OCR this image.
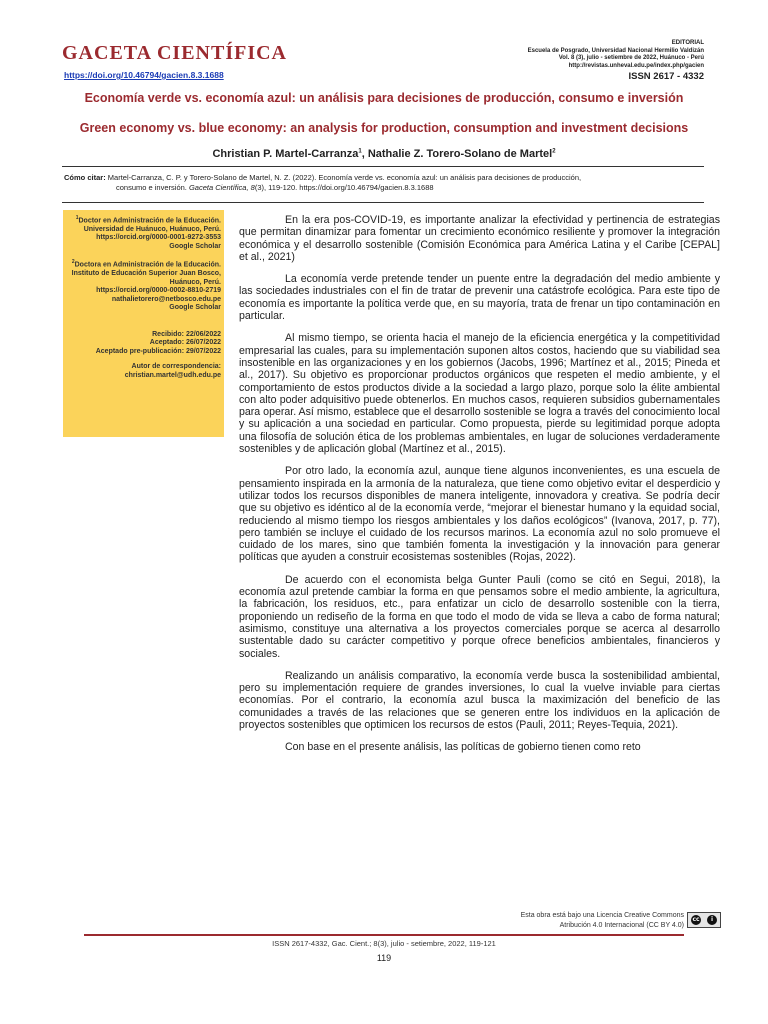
GACETA CIENTÍFICA
https://doi.org/10.46794/gacien.8.3.1688
EDITORIAL
Escuela de Posgrado, Universidad Nacional Hermilio Valdizán
Vol. 8 (3), julio - setiembre de 2022, Huánuco - Perú
http://revistas.unheval.edu.pe/index.php/gacien
ISSN 2617 - 4332
Economía verde vs. economía azul: un análisis para decisiones de producción, consumo e inversión
Green economy vs. blue economy: an analysis for production, consumption and investment decisions
Christian P. Martel-Carranza$^1$, Nathalie Z. Torero-Solano de Martel$^2$
Cómo citar: Martel-Carranza, C. P. y Torero-Solano de Martel, N. Z. (2022). Economía verde vs. economía azul: un análisis para decisiones de producción,
consumo e inversión. Gaceta Científica, 8(3), 119-120. https://doi.org/10.46794/gacien.8.3.1688

$^1$Doctor en Administración de la Educación.

Universidad de Huánuco, Huánuco, Perú.

https://orcid.org/0000-0001-9272-3553

Google Scholar

$^2$Doctora en Administración de la Educación.

Instituto de Educación Superior Juan Bosco, Huánuco, Perú.

https://orcid.org/0000-0002-8810-2719

nathalietorero@netbosco.edu.pe

Google Scholar

Recibido: 22/06/2022

Aceptado: 26/07/2022

Aceptado pre-publicación: 29/07/2022

Autor de correspondencia:

christian.martel@udh.edu.pe

En la era pos-COVID-19, es importante analizar la efectividad y pertinencia de estrategias que permitan dinamizar para fomentar un crecimiento económico resiliente y promover la integración económica y el desarrollo sostenible (Comisión Económica para América Latina y el Caribe [CEPAL] et al., 2021)

La economía verde pretende tender un puente entre la degradación del medio ambiente y las sociedades industriales con el fin de tratar de prevenir una catástrofe ecológica. Para este tipo de economía es importante la política verde que, en su mayoría, trata de frenar un tipo contaminación en particular.

Al mismo tiempo, se orienta hacia el manejo de la eficiencia energética y la competitividad empresarial las cuales, para su implementación suponen altos costos, haciendo que su viabilidad sea insostenible en las organizaciones y en los gobiernos (Jacobs, 1996; Martínez et al., 2015; Pineda et al., 2017). Su objetivo es proporcionar productos orgánicos que respeten el medio ambiente, y el comportamiento de estos productos divide a la sociedad a largo plazo, porque solo la élite ambiental con alto poder adquisitivo puede obtenerlos. En muchos casos, requieren subsidios gubernamentales para operar. Así mismo, establece que el desarrollo sostenible se logra a través del conocimiento local y su aplicación a una sociedad en particular. Como propuesta, pierde su legitimidad porque adopta una filosofía de solución ética de los problemas ambientales, en lugar de soluciones verdaderamente sostenibles y de aplicación global (Martínez et al., 2015).

Por otro lado, la economía azul, aunque tiene algunos inconvenientes, es una escuela de pensamiento inspirada en la armonía de la naturaleza, que tiene como objetivo evitar el desperdicio y utilizar todos los recursos disponibles de manera inteligente, innovadora y creativa. Se podría decir que su objetivo es idéntico al de la economía verde, “mejorar el bienestar humano y la equidad social, reduciendo al mismo tiempo los riesgos ambientales y los daños ecológicos” (Ivanova, 2017, p. 77), pero también se incluye el cuidado de los recursos marinos. La economía azul no solo promueve el cuidado de los mares, sino que también fomenta la investigación y la innovación para generar políticas que ayuden a construir ecosistemas sostenibles (Rojas, 2022).

De acuerdo con el economista belga Gunter Pauli (como se citó en Segui, 2018), la economía azul pretende cambiar la forma en que pensamos sobre el medio ambiente, la agricultura, la fabricación, los residuos, etc., para enfatizar un ciclo de desarrollo sostenible con la tierra, proponiendo un rediseño de la forma en que todo el modo de vida se lleva a cabo de forma natural; asimismo, constituye una alternativa a los proyectos comerciales porque se acerca al desarrollo sustentable dado su carácter competitivo y porque ofrece beneficios ambientales, financieros y sociales.

Realizando un análisis comparativo, la economía verde busca la sostenibilidad ambiental, pero su implementación requiere de grandes inversiones, lo cual la vuelve inviable para ciertas economías. Por el contrario, la economía azul busca la maximización del beneficio de las comunidades a través de las relaciones que se generen entre los individuos en la aplicación de proyectos sostenibles que optimicen los recursos de estos (Pauli, 2011; Reyes-Tequia, 2021).

Con base en el presente análisis, las políticas de gobierno tienen como reto

Esta obra está bajo una Licencia Creative Commons
Atribución 4.0 Internacional (CC BY 4.0)
cc	i
ISSN 2617-4332, Gac. Cient.; 8(3), julio - setiembre, 2022, 119-121
119
